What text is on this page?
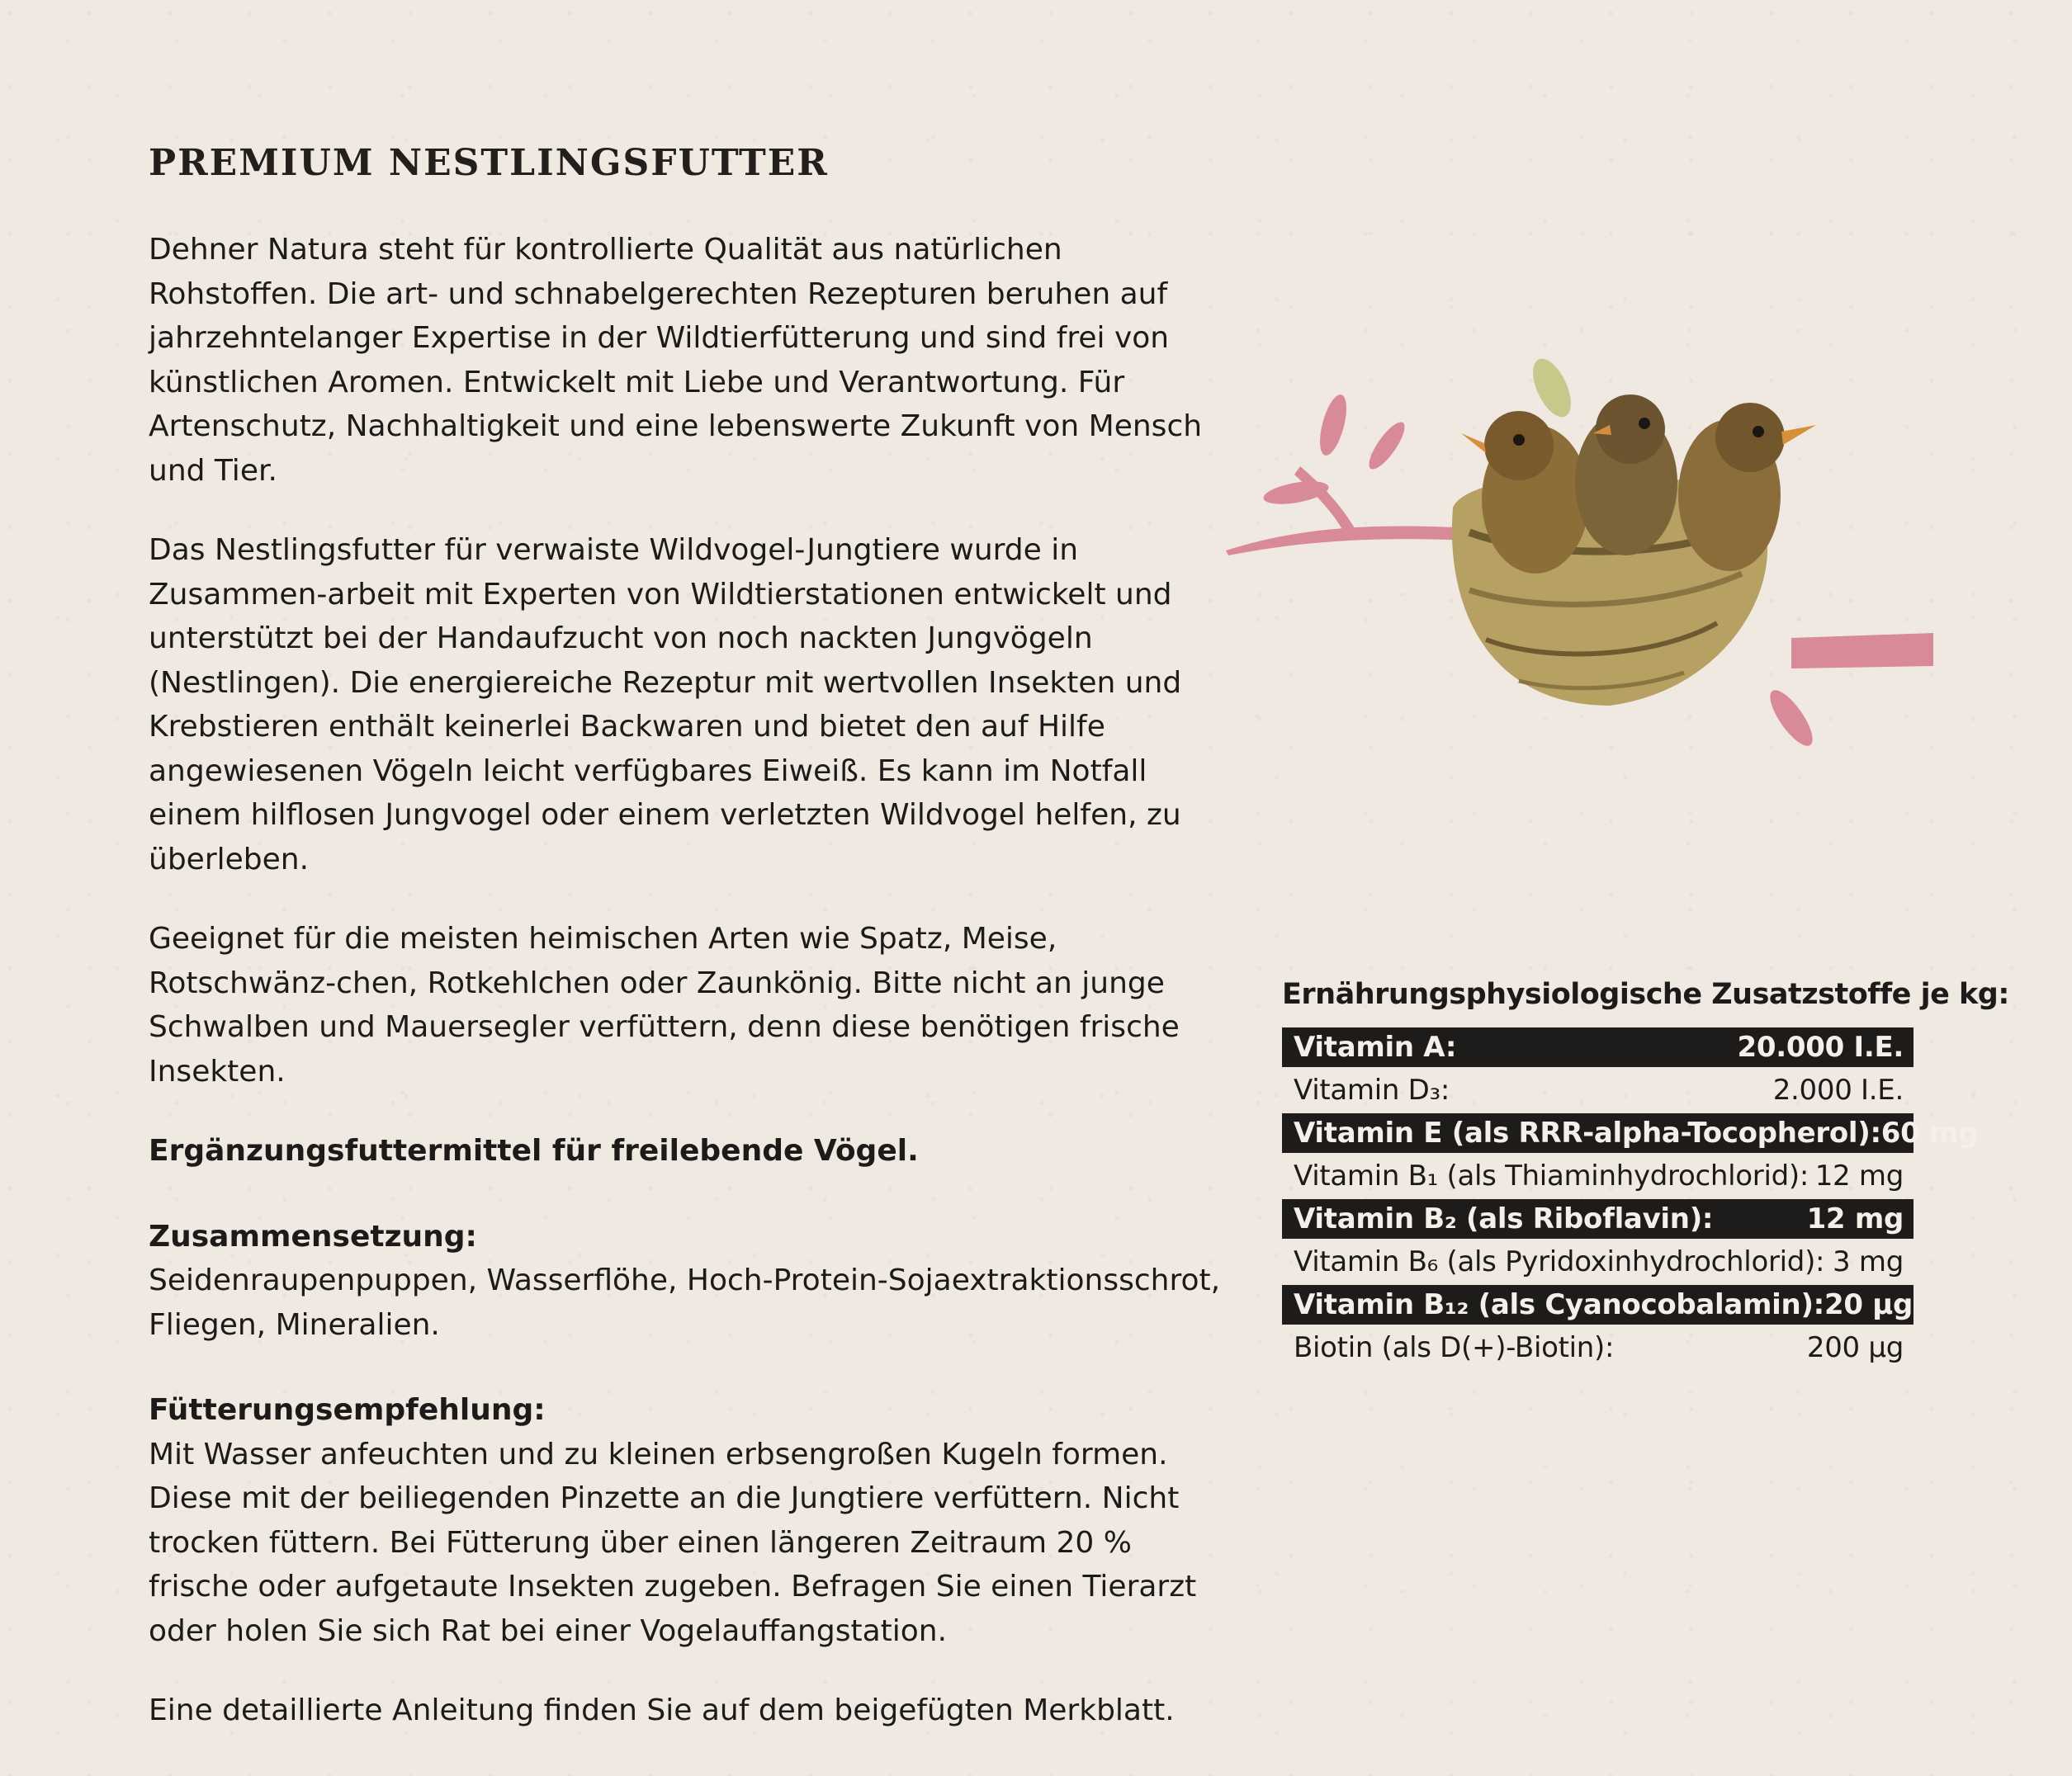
PREMIUM NESTLINGSFUTTER

Dehner Natura steht für kontrollierte Qualität aus natürlichen Rohstoffen. Die art- und schnabelgerechten Rezepturen beruhen auf jahrzehntelanger Expertise in der Wildtierfütterung und sind frei von künstlichen Aromen. Entwickelt mit Liebe und Verantwortung. Für Artenschutz, Nachhaltigkeit und eine lebenswerte Zukunft von Mensch und Tier.

Das Nestlingsfutter für verwaiste Wildvogel-Jungtiere wurde in Zusammen-arbeit mit Experten von Wildtierstationen entwickelt und unterstützt bei der Handaufzucht von noch nackten Jungvögeln (Nestlingen). Die energiereiche Rezeptur mit wertvollen Insekten und Krebstieren enthält keinerlei Backwaren und bietet den auf Hilfe angewiesenen Vögeln leicht verfügbares Eiweiß. Es kann im Notfall einem hilflosen Jungvogel oder einem verletzten Wildvogel helfen, zu überleben.

Geeignet für die meisten heimischen Arten wie Spatz, Meise, Rotschwänz-chen, Rotkehlchen oder Zaunkönig. Bitte nicht an junge Schwalben und Mauersegler verfüttern, denn diese benötigen frische Insekten.

Ergänzungsfuttermittel für freilebende Vögel.

Zusammensetzung:

Seidenraupenpuppen, Wasserflöhe, Hoch-Protein-Sojaextraktionsschrot, Fliegen, Mineralien.

Fütterungsempfehlung:

Mit Wasser anfeuchten und zu kleinen erbsengroßen Kugeln formen. Diese mit der beiliegenden Pinzette an die Jungtiere verfüttern. Nicht trocken füttern. Bei Fütterung über einen längeren Zeitraum 20 % frische oder aufgetaute Insekten zugeben. Befragen Sie einen Tierarzt oder holen Sie sich Rat bei einer Vogelauffangstation.

Eine detaillierte Anleitung finden Sie auf dem beigefügten Merkblatt.

Ernährungsphysiologische Zusatzstoffe je kg:

Vitamin A:	20.000 I.E.
Vitamin D₃:	2.000 I.E.
Vitamin E (als RRR-alpha-Tocopherol): 60 mg
Vitamin B₁ (als Thiaminhydrochlorid): 12 mg
Vitamin B₂ (als Riboflavin):	12 mg
Vitamin B₆ (als Pyridoxinhydrochlorid): 3 mg
Vitamin B₁₂ (als Cyanocobalamin): 20 µg
Biotin (als D(+)-Biotin):	200 µg
